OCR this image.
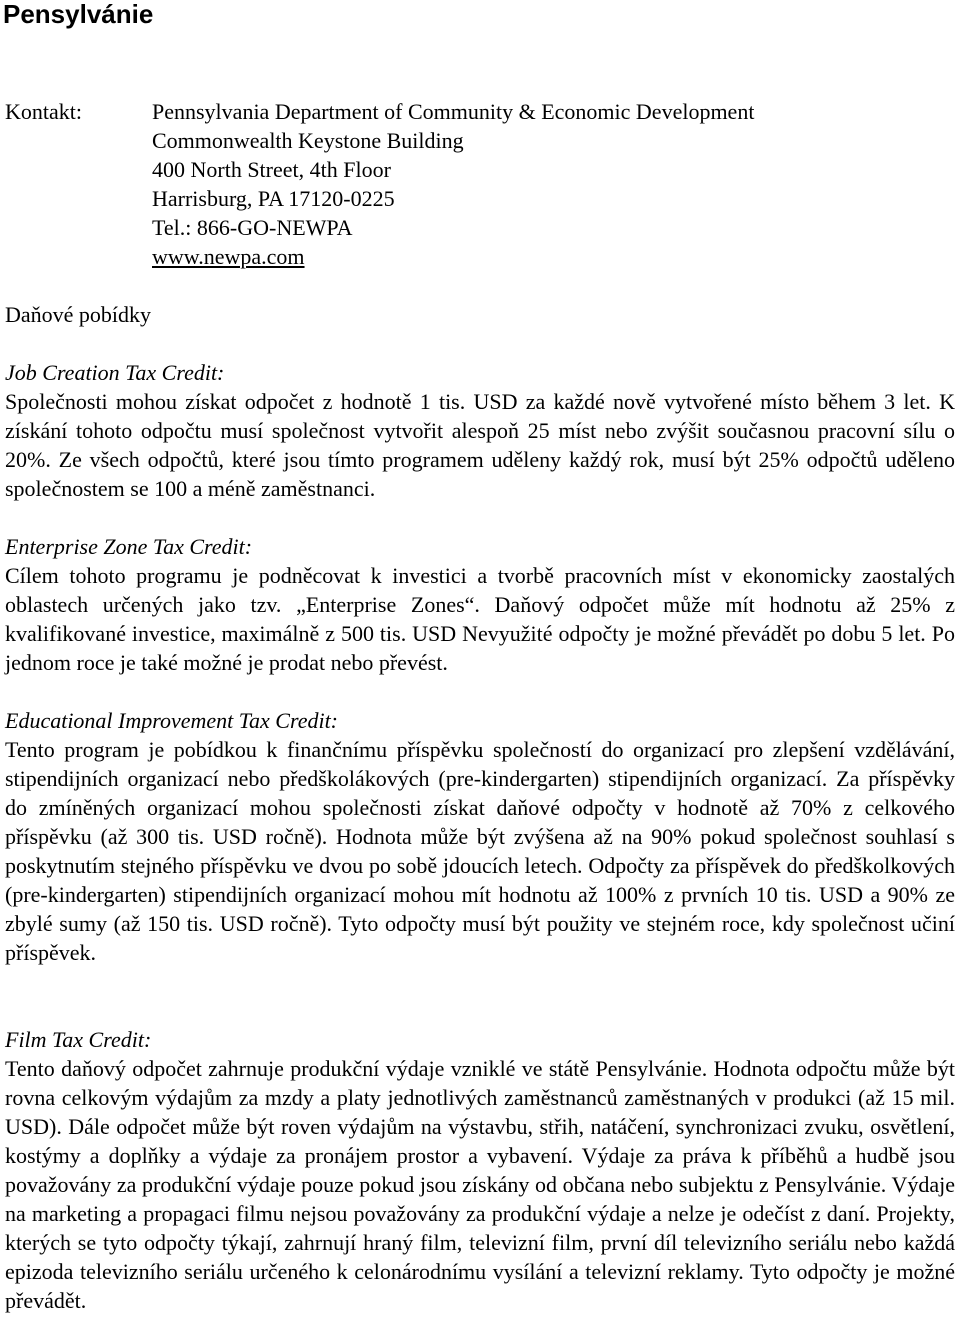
Pensylvánie
Kontakt:	Pennsylvania Department of Community & Economic Development
Commonwealth Keystone Building
400 North Street, 4th Floor
Harrisburg, PA 17120-0225
Tel.: 866-GO-NEWPA
www.newpa.com
Daňové pobídky
Job Creation Tax Credit:

Společnosti mohou získat odpočet z hodnotě 1 tis. USD za každé nově vytvořené místo během 3 let. K získání tohoto odpočtu musí společnost vytvořit alespoň 25 míst nebo zvýšit současnou pracovní sílu o 20%. Ze všech odpočtů, které jsou tímto programem uděleny každý rok, musí být 25% odpočtů uděleno společnostem se 100 a méně zaměstnanci.

Enterprise Zone Tax Credit:

Cílem tohoto programu je podněcovat k investici a tvorbě pracovních míst v ekonomicky zaostalých oblastech určených jako tzv. „Enterprise Zones“. Daňový odpočet může mít hodnotu až 25% z kvalifikované investice, maximálně z 500 tis. USD Nevyužité odpočty je možné převádět po dobu 5 let. Po jednom roce je také možné je prodat nebo převést.

Educational Improvement Tax Credit:

Tento program je pobídkou k finančnímu příspěvku společností do organizací pro zlepšení vzdělávání, stipendijních organizací nebo předškolákových (pre-kindergarten) stipendijních organizací. Za příspěvky do zmíněných organizací mohou společnosti získat daňové odpočty v hodnotě až 70% z celkového příspěvku (až 300 tis. USD ročně). Hodnota může být zvýšena až na 90% pokud společnost souhlasí s poskytnutím stejného příspěvku ve dvou po sobě jdoucích letech. Odpočty za příspěvek do předškolkových (pre-kindergarten) stipendijních organizací mohou mít hodnotu až 100% z prvních 10 tis. USD a 90% ze zbylé sumy (až 150 tis. USD ročně). Tyto odpočty musí být použity ve stejném roce, kdy společnost učiní příspěvek.

Film Tax Credit:

Tento daňový odpočet zahrnuje produkční výdaje vzniklé ve státě Pensylvánie. Hodnota odpočtu může být rovna celkovým výdajům za mzdy a platy jednotlivých zaměstnanců zaměstnaných v produkci (až 15 mil. USD). Dále odpočet může být roven výdajům na výstavbu, střih, natáčení, synchronizaci zvuku, osvětlení, kostýmy a doplňky a výdaje za pronájem prostor a vybavení. Výdaje za práva k příběhů a hudbě jsou považovány za produkční výdaje pouze pokud jsou získány od občana nebo subjektu z Pensylvánie. Výdaje na marketing a propagaci filmu nejsou považovány za produkční výdaje a nelze je odečíst z daní. Projekty, kterých se tyto odpočty týkají, zahrnují hraný film, televizní film, první díl televizního seriálu nebo každá epizoda televizního seriálu určeného k celonárodnímu vysílání a televizní reklamy. Tyto odpočty je možné převádět.
